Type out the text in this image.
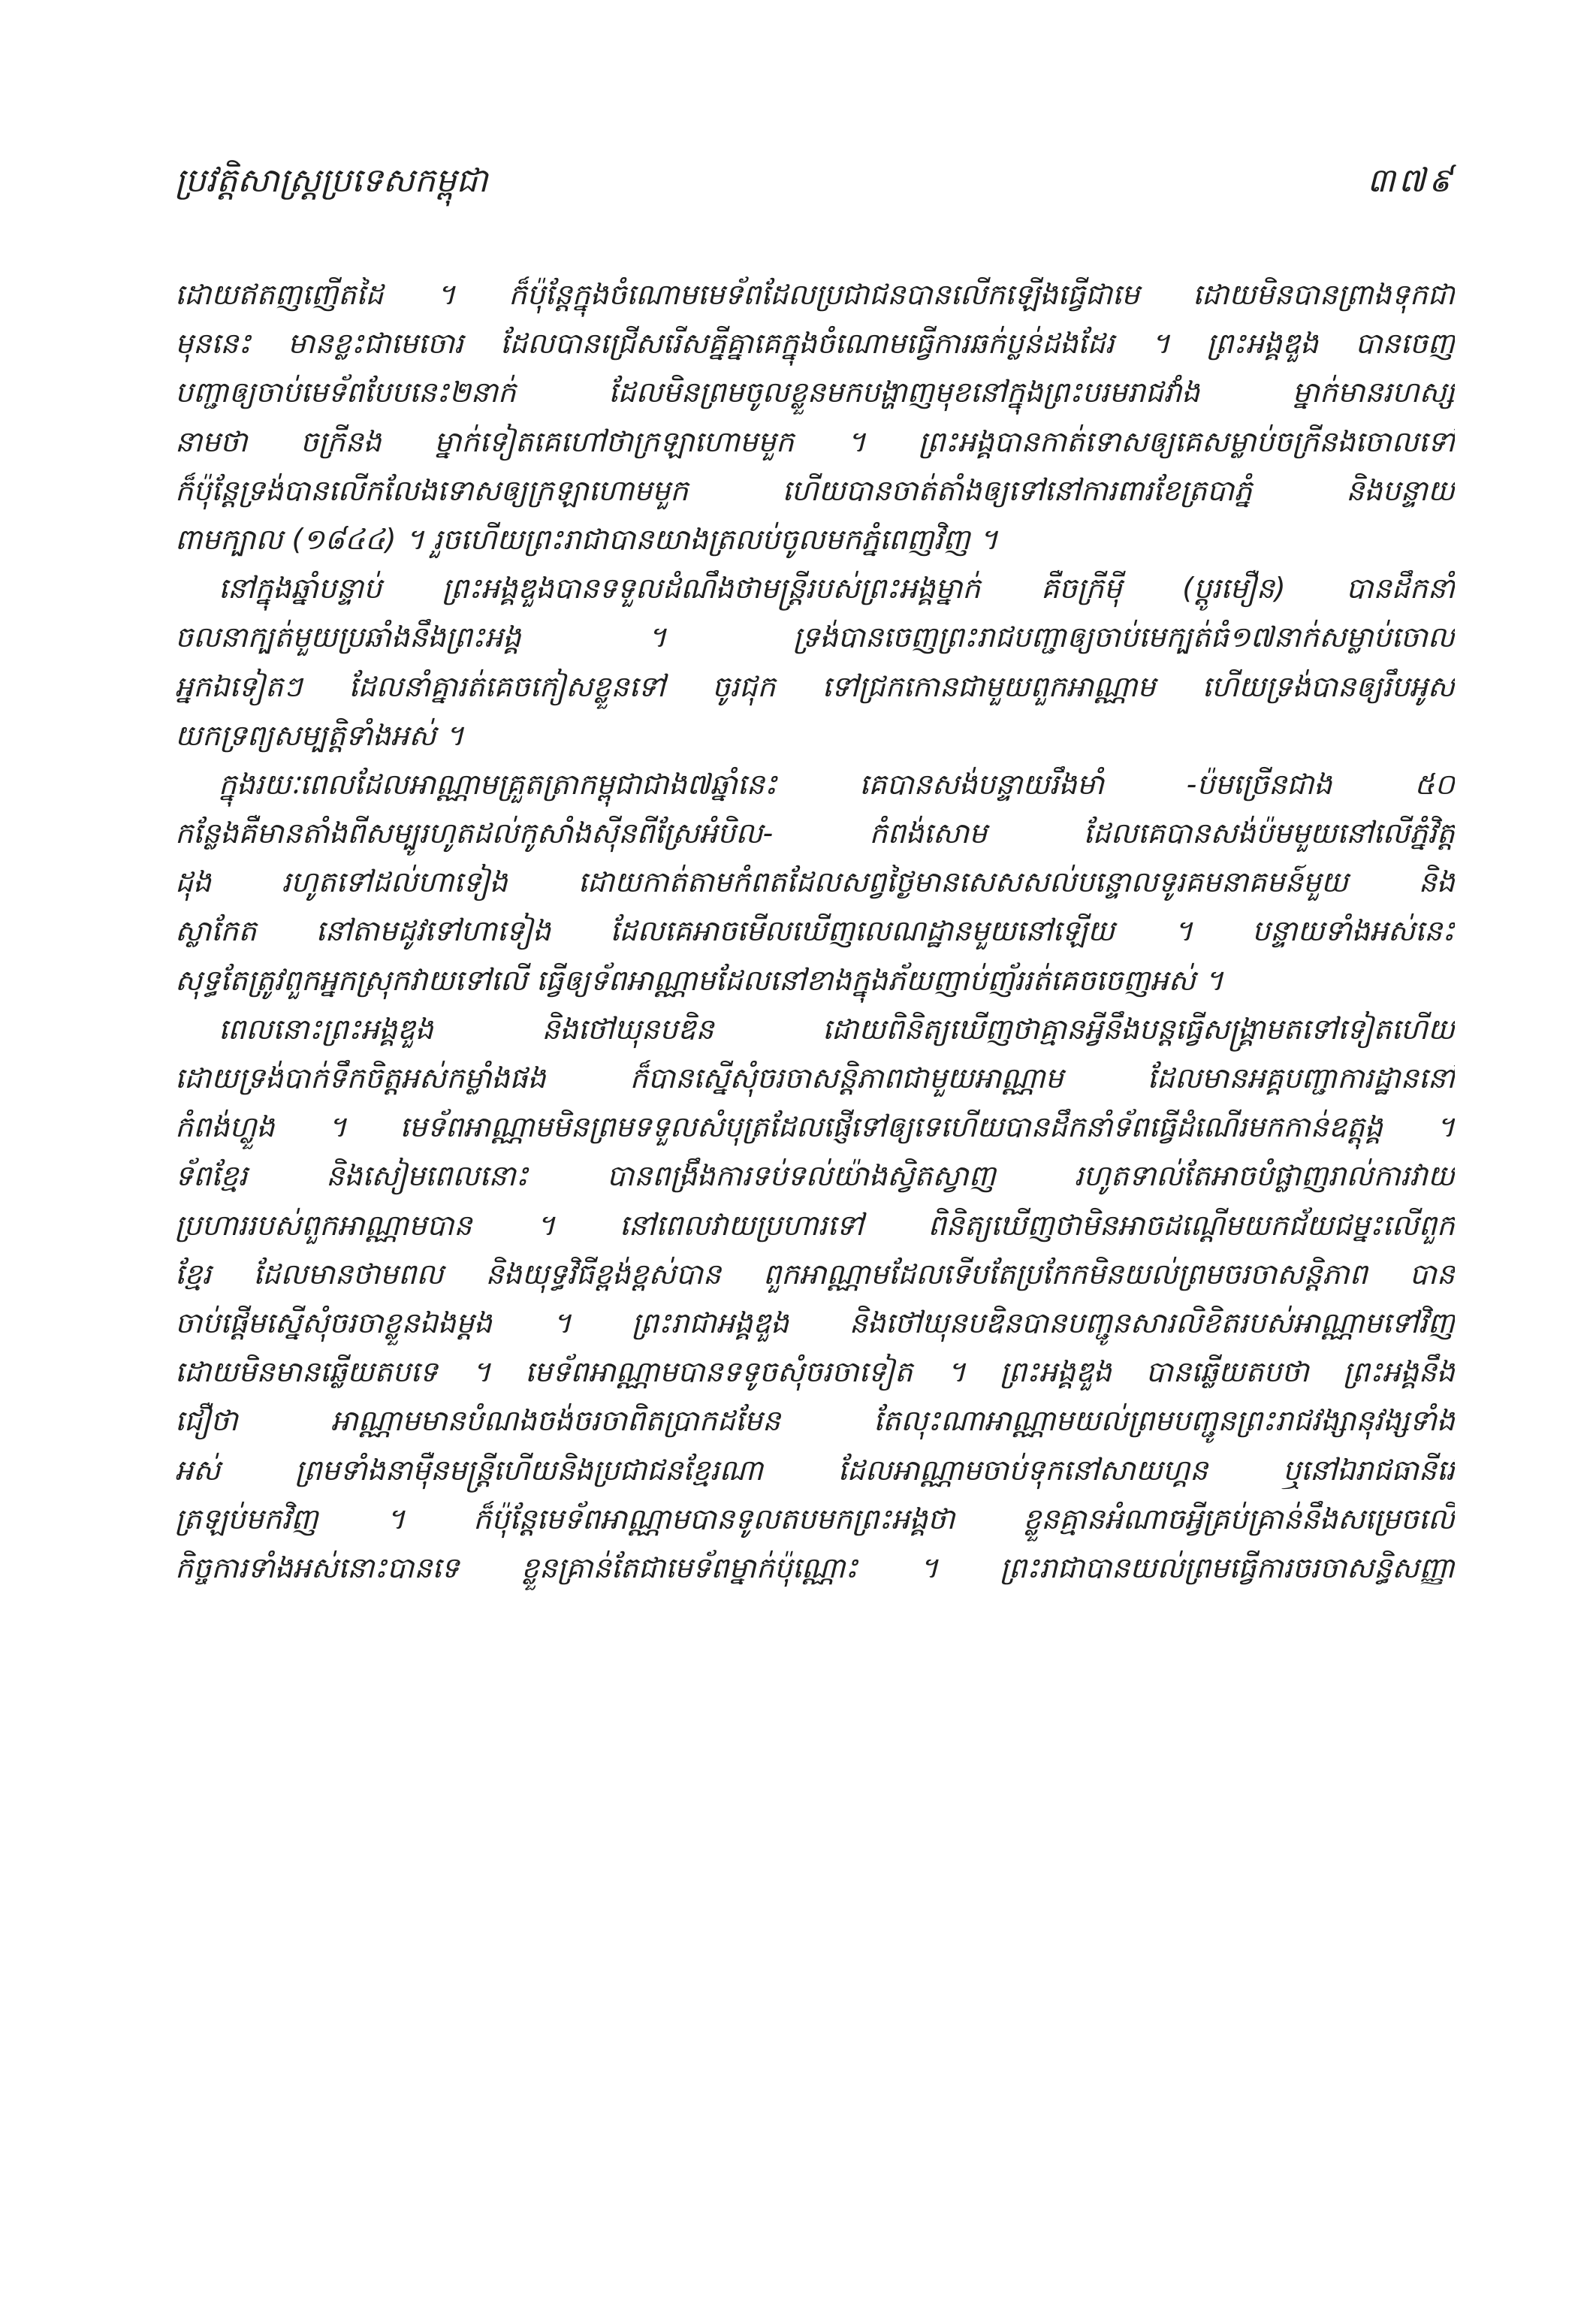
ប្រវត្តិសាស្ត្រប្រទេសកម្ពុជា	៣៧៩
ដោយឥតញញើតដៃ ។ ក៏ប៉ុន្តែក្នុងចំណោមមេទ័ពដែលប្រជាជនបានលើកឡើងធ្វើជាមេ ដោយមិនបានព្រាងទុកជា
មុននេះ មានខ្លះជាមេចោរ ដែលបានជ្រើសរើសគ្នីគ្នាគេក្នុងចំណោមធ្វើការឆក់ប្លន់ដងដែរ ។ ព្រះអង្គឌួង បានចេញ
បញ្ជាឲ្យចាប់មេទ័ពបែបនេះ២នាក់ ដែលមិនព្រមចូលខ្លួនមកបង្ហាញមុខនៅក្នុងព្រះបរមរាជវាំង ម្នាក់មានរហស្ស
នាមថា ចក្រីនង ម្នាក់ទៀតគេហៅថាក្រឡាហោមមួក ។ ព្រះអង្គបានកាត់ទោសឲ្យគេសម្លាប់ចក្រីនងចោលទៅ
ក៏ប៉ុន្តែទ្រង់បានលើកលែងទោសឲ្យក្រឡាហោមមួក ហើយបានចាត់តាំងឲ្យទៅនៅការពារខែត្របាភ្នំ និងបន្ទាយ
ពាមក្បាល (១៨៤៤) ។ រួចហើយព្រះរាជាបានយាងត្រលប់ចូលមកភ្នំពេញវិញ ។
នៅក្នុងឆ្នាំបន្ទាប់ ព្រះអង្គឌួងបានទទួលដំណឹងថាមន្ត្រីរបស់ព្រះអង្គម្នាក់ គឺចក្រីមុី (ប្ដូរមឿន) បានដឹកនាំ
ចលនាក្បត់មួយប្រឆាំងនឹងព្រះអង្គ ។ ទ្រង់បានចេញព្រះរាជបញ្ជាឲ្យចាប់មេក្បត់ធំ១៧នាក់សម្លាប់ចោល
អ្នកឯទៀតៗ ដែលនាំគ្នារត់គេចកៀសខ្លួនទៅ ចូរជុក ទៅជ្រកកោនជាមួយពួកអាណ្ណាម ហើយទ្រង់បានឲ្យរឹបអូស
យកទ្រព្យសម្បត្តិទាំងអស់ ។
ក្នុងរយៈពេលដែលអាណ្ណាមគ្រួតត្រាកម្ពុជាជាង៧ឆ្នាំនេះ គេបានសង់បន្ទាយរឹងមាំ -ប៉មច្រើនជាង ៥០
កន្លែងគឺមានតាំងពីសម្បូរហូតដល់កូសាំងស៊ីនពីស្រែអំបិល- កំពង់សោម ដែលគេបានសង់ប៉មមួយនៅលើភ្នំវិត្ត
ដុង រហូតទៅដល់ហាទៀង ដោយកាត់តាមកំពតដែលសព្វថ្ងៃមានសេសសល់បន្ទោលទូរគមនាគមន៍មួយ និង
ស្លាកែត នៅតាមដូវទៅហាទៀង ដែលគេអាចមើលឃើញលេណដ្ឋានមួយនៅឡើយ ។ បន្ទាយទាំងអស់នេះ
សុទ្ធតែត្រូវពួកអ្នកស្រុកវាយទៅលើ ធ្វើឲ្យទ័ពអាណ្ណាមដែលនៅខាងក្នុងភ័យញាប់ញ័ររត់គេចចេញអស់ ។
ពេលនោះព្រះអង្គឌួង និងថៅឃុនបឌិន ដោយពិនិត្យឃើញថាគ្មានអ្វីនឹងបន្តធ្វើសង្គ្រាមតទៅទៀតហើយ
ដោយទ្រង់បាក់ទឹកចិត្តអស់កម្លាំងផង ក៏បានស្នើសុំចរចាសន្តិភាពជាមួយអាណ្ណាម ដែលមានអគ្គបញ្ជាការដ្ឋាននៅ
កំពង់ហ្លួង ។ មេទ័ពអាណ្ណាមមិនព្រមទទួលសំបុត្រដែលផ្ញើទៅឲ្យទេហើយបានដឹកនាំទ័ពធ្វើដំណើរមកកាន់ឧត្តុង្គ ។
ទ័ពខ្មែរ និងសៀមពេលនោះ បានពង្រឹងការទប់ទល់យ៉ាងស្វិតស្វាញ រហូតទាល់តែអាចបំផ្លាញរាល់ការវាយ
ប្រហាររបស់ពួកអាណ្ណាមបាន ។ នៅពេលវាយប្រហារទៅ ពិនិត្យឃើញថាមិនអាចដណ្ដើមយកជ័យជម្នះលើពួក
ខ្មែរ ដែលមានថាមពល និងយុទ្ធវិធីខ្ពង់ខ្ពស់បាន ពួកអាណ្ណាមដែលទើបតែប្រកែកមិនយល់ព្រមចរចាសន្តិភាព បាន
ចាប់ផ្ដើមស្នើសុំចរចាខ្លួនឯងម្ដង ។ ព្រះរាជាអង្គឌួង និងថៅឃុនបឌិនបានបញ្ជូនសារលិខិតរបស់អាណ្ណាមទៅវិញ
ដោយមិនមានឆ្លើយតបទេ ។ មេទ័ពអាណ្ណាមបានទទូចសុំចរចាទៀត ។ ព្រះអង្គឌួង បានឆ្លើយតបថា ព្រះអង្គនឹង
ជឿថា អាណ្ណាមមានបំណងចង់ចរចាពិតប្រាកដមែន តែលុះណាអាណ្ណាមយល់ព្រមបញ្ជូនព្រះរាជវង្សានុវង្សទាំង
អស់ ព្រមទាំងនាម៉ឺនមន្ត្រីហើយនិងប្រជាជនខ្មែរណា ដែលអាណ្ណាមចាប់ទុកនៅសាយហ្គន ឬនៅឯរាជធានីវេ
ត្រឡប់មកវិញ ។ ក៏ប៉ុន្តែមេទ័ពអាណ្ណាមបានទូលតបមកព្រះអង្គថា ខ្លួនគ្មានអំណាចអ្វីគ្រប់គ្រាន់នឹងសម្រេចលើ
កិច្ចការទាំងអស់នោះបានទេ ខ្លួនគ្រាន់តែជាមេទ័ពម្នាក់ប៉ុណ្ណោះ ។ ព្រះរាជាបានយល់ព្រមធ្វើការចរចាសន្ធិសញ្ញា
